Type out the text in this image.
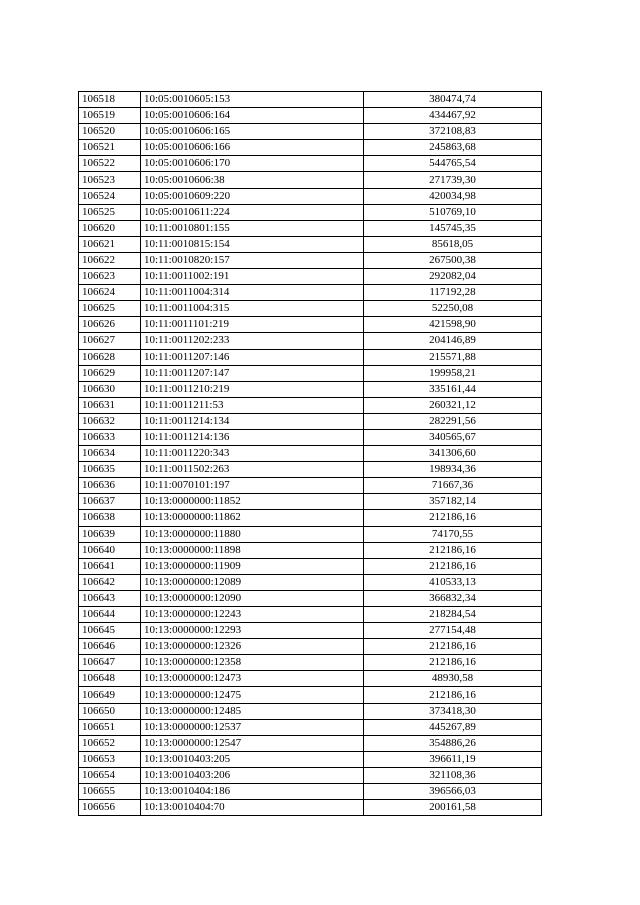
106518	10:05:0010605:153	380474,74
106519	10:05:0010606:164	434467,92
106520	10:05:0010606:165	372108,83
106521	10:05:0010606:166	245863,68
106522	10:05:0010606:170	544765,54
106523	10:05:0010606:38	271739,30
106524	10:05:0010609:220	420034,98
106525	10:05:0010611:224	510769,10
106620	10:11:0010801:155	145745,35
106621	10:11:0010815:154	85618,05
106622	10:11:0010820:157	267500,38
106623	10:11:0011002:191	292082,04
106624	10:11:0011004:314	117192,28
106625	10:11:0011004:315	52250,08
106626	10:11:0011101:219	421598,90
106627	10:11:0011202:233	204146,89
106628	10:11:0011207:146	215571,88
106629	10:11:0011207:147	199958,21
106630	10:11:0011210:219	335161,44
106631	10:11:0011211:53	260321,12
106632	10:11:0011214:134	282291,56
106633	10:11:0011214:136	340565,67
106634	10:11:0011220:343	341306,60
106635	10:11:0011502:263	198934,36
106636	10:11:0070101:197	71667,36
106637	10:13:0000000:11852	357182,14
106638	10:13:0000000:11862	212186,16
106639	10:13:0000000:11880	74170,55
106640	10:13:0000000:11898	212186,16
106641	10:13:0000000:11909	212186,16
106642	10:13:0000000:12089	410533,13
106643	10:13:0000000:12090	366832,34
106644	10:13:0000000:12243	218284,54
106645	10:13:0000000:12293	277154,48
106646	10:13:0000000:12326	212186,16
106647	10:13:0000000:12358	212186,16
106648	10:13:0000000:12473	48930,58
106649	10:13:0000000:12475	212186,16
106650	10:13:0000000:12485	373418,30
106651	10:13:0000000:12537	445267,89
106652	10:13:0000000:12547	354886,26
106653	10:13:0010403:205	396611,19
106654	10:13:0010403:206	321108,36
106655	10:13:0010404:186	396566,03
106656	10:13:0010404:70	200161,58
